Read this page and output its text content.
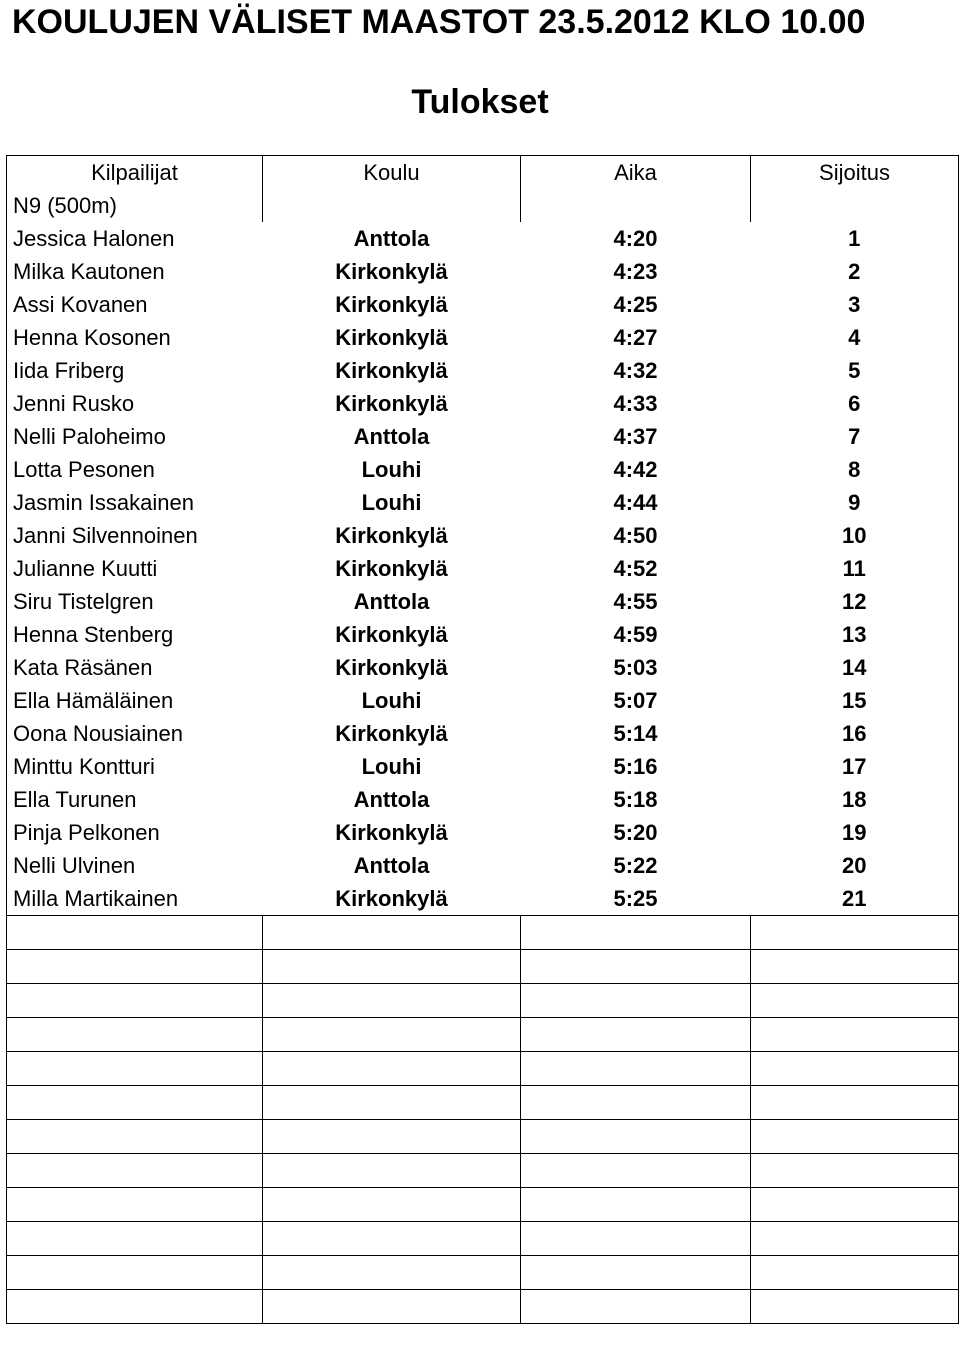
KOULUJEN VÄLISET MAASTOT 23.5.2012 KLO 10.00
Tulokset
Kilpailijat	Koulu	Aika	Sijoitus
N9 (500m)			
Jessica Halonen	Anttola	4:20	1
Milka Kautonen	Kirkonkylä	4:23	2
Assi Kovanen	Kirkonkylä	4:25	3
Henna Kosonen	Kirkonkylä	4:27	4
Iida Friberg	Kirkonkylä	4:32	5
Jenni Rusko	Kirkonkylä	4:33	6
Nelli Paloheimo	Anttola	4:37	7
Lotta Pesonen	Louhi	4:42	8
Jasmin Issakainen	Louhi	4:44	9
Janni Silvennoinen	Kirkonkylä	4:50	10
Julianne Kuutti	Kirkonkylä	4:52	11
Siru Tistelgren	Anttola	4:55	12
Henna Stenberg	Kirkonkylä	4:59	13
Kata Räsänen	Kirkonkylä	5:03	14
Ella Hämäläinen	Louhi	5:07	15
Oona Nousiainen	Kirkonkylä	5:14	16
Minttu Kontturi	Louhi	5:16	17
Ella Turunen	Anttola	5:18	18
Pinja Pelkonen	Kirkonkylä	5:20	19
Nelli Ulvinen	Anttola	5:22	20
Milla Martikainen	Kirkonkylä	5:25	21
